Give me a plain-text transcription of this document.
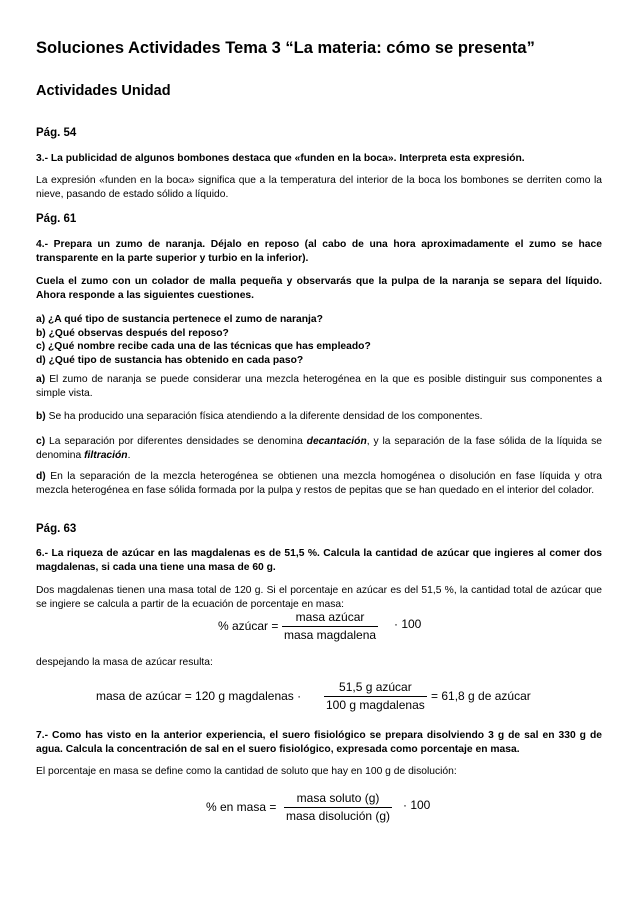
Soluciones Actividades Tema 3 “La materia: cómo se presenta”
Actividades Unidad
Pág. 54
3.- La publicidad de algunos bombones destaca que «funden en la boca». Interpreta esta expresión.
La expresión «funden en la boca» significa que a la temperatura del interior de la boca los bombones se derriten como la nieve, pasando de estado sólido a líquido.
Pág. 61
4.- Prepara un zumo de naranja. Déjalo en reposo (al cabo de una hora aproximadamente el zumo se hace transparente en la parte superior y turbio en la inferior).
Cuela el zumo con un colador de malla pequeña y observarás que la pulpa de la naranja se separa del líquido. Ahora responde a las siguientes cuestiones.
a) ¿A qué tipo de sustancia pertenece el zumo de naranja?
b) ¿Qué observas después del reposo?
c) ¿Qué nombre recibe cada una de las técnicas que has empleado?
d) ¿Qué tipo de sustancia has obtenido en cada paso?
a) El zumo de naranja se puede considerar una mezcla heterogénea en la que es posible distinguir sus componentes a simple vista.
b) Se ha producido una separación física atendiendo a la diferente densidad de los componentes.
c) La separación por diferentes densidades se denomina decantación, y la separación de la fase sólida de la líquida se denomina filtración.
d) En la separación de la mezcla heterogénea se obtienen una mezcla homogénea o disolución en fase líquida y otra mezcla heterogénea en fase sólida formada por la pulpa y restos de pepitas que se han quedado en el interior del colador.
Pág. 63
6.- La riqueza de azúcar en las magdalenas es de 51,5 %. Calcula la cantidad de azúcar que ingieres al comer dos magdalenas, si cada una tiene una masa de 60 g.
Dos magdalenas tienen una masa total de 120 g. Si el porcentaje en azúcar es del 51,5 %, la cantidad total de azúcar que se ingiere se calcula a partir de la ecuación de porcentaje en masa:
% azúcar =
masa azúcar
masa magdalena
· 100
despejando la masa de azúcar resulta:
masa de azúcar = 120 g magdalenas ·
51,5 g azúcar
100 g magdalenas
= 61,8 g de azúcar
7.- Como has visto en la anterior experiencia, el suero fisiológico se prepara disolviendo 3 g de sal en 330 g de agua. Calcula la concentración de sal en el suero fisiológico, expresada como porcentaje en masa.
El porcentaje en masa se define como la cantidad de soluto que hay en 100 g de disolución:
% en masa =
masa soluto (g)
masa disolución (g)
· 100
